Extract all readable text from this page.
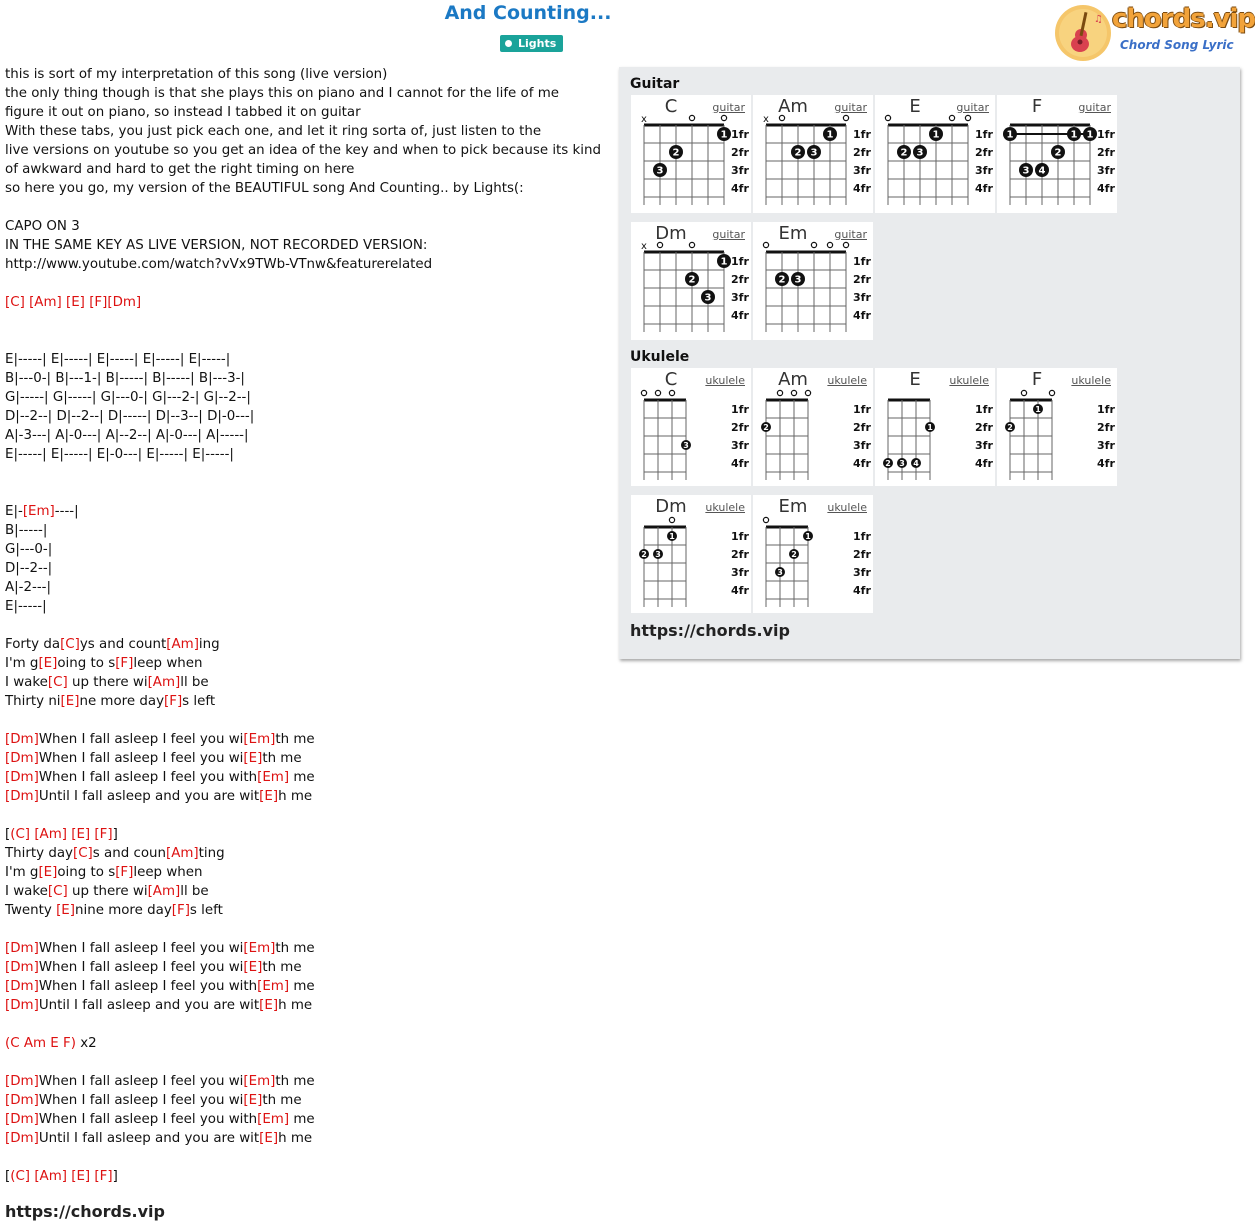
And Counting...
Lights
♫ chords.vip
Chord Song Lyric
this is sort of my interpretation of this song (live version)
the only thing though is that she plays this on piano and I cannot for the life of me
figure it out on piano, so instead I tabbed it on guitar
With these tabs, you just pick each one, and let it ring sorta of, just listen to the
live versions on youtube so you get an idea of the key and when to pick because its kind
of awkward and hard to get the right timing on here
so here you go, my version of the BEAUTIFUL song And Counting.. by Lights(:
CAPO ON 3
IN THE SAME KEY AS LIVE VERSION, NOT RECORDED VERSION:
http://www.youtube.com/watch?vVx9TWb-VTnw&featurerelated
[C] [Am] [E] [F][Dm]
E|-----| E|-----| E|-----| E|-----| E|-----|
B|---0-| B|---1-| B|-----| B|-----| B|---3-|
G|-----| G|-----| G|---0-| G|---2-| G|--2--|
D|--2--| D|--2--| D|-----| D|--3--| D|-0---|
A|-3---| A|-0---| A|--2--| A|-0---| A|-----|
E|-----| E|-----| E|-0---| E|-----| E|-----|
E|-[Em]----|
B|-----|
G|---0-|
D|--2--|
A|-2---|
E|-----|
Forty da[C]ys and count[Am]ing
I'm g[E]oing to s[F]leep when
I wake[C] up there wi[Am]ll be
Thirty ni[E]ne more day[F]s left
[Dm]When I fall asleep I feel you wi[Em]th me
[Dm]When I fall asleep I feel you wi[E]th me
[Dm]When I fall asleep I feel you with[Em] me
[Dm]Until I fall asleep and you are wit[E]h me
[(C] [Am] [E] [F]]
Thirty day[C]s and coun[Am]ting
I'm g[E]oing to s[F]leep when
I wake[C] up there wi[Am]ll be
Twenty [E]nine more day[F]s left
[Dm]When I fall asleep I feel you wi[Em]th me
[Dm]When I fall asleep I feel you wi[E]th me
[Dm]When I fall asleep I feel you with[Em] me
[Dm]Until I fall asleep and you are wit[E]h me
(C Am E F) x2
[Dm]When I fall asleep I feel you wi[Em]th me
[Dm]When I fall asleep I feel you wi[E]th me
[Dm]When I fall asleep I feel you with[Em] me
[Dm]Until I fall asleep and you are wit[E]h me
[(C] [Am] [E] [F]]
https://chords.vip
Guitar
Ukulele
https://chords.vip
C	guitar
1fr
2fr
3fr
4fr
x
1
2
3
Am	guitar
1fr
2fr
3fr
4fr
x
1
2 3
E	guitar
1fr
2fr
3fr
4fr
1
2 3
F	guitar
1fr
2fr
3fr
4fr
1	1 1
2
3 4
Dm	guitar
1fr
2fr
3fr
4fr
x
1
2
3
Em	guitar
1fr
2fr
3fr
4fr
2 3
C	ukulele
1fr
2fr
3fr
4fr
3
Am	ukulele
1fr
2fr
3fr
4fr
2
E	ukulele
1fr
2fr
3fr
4fr
1
2 3 4
F	ukulele
1fr
2fr
3fr
4fr
1
2
Dm	ukulele
1fr
2fr
3fr
4fr
1
2 3
Em	ukulele
1fr
2fr
3fr
4fr
1
2
3
